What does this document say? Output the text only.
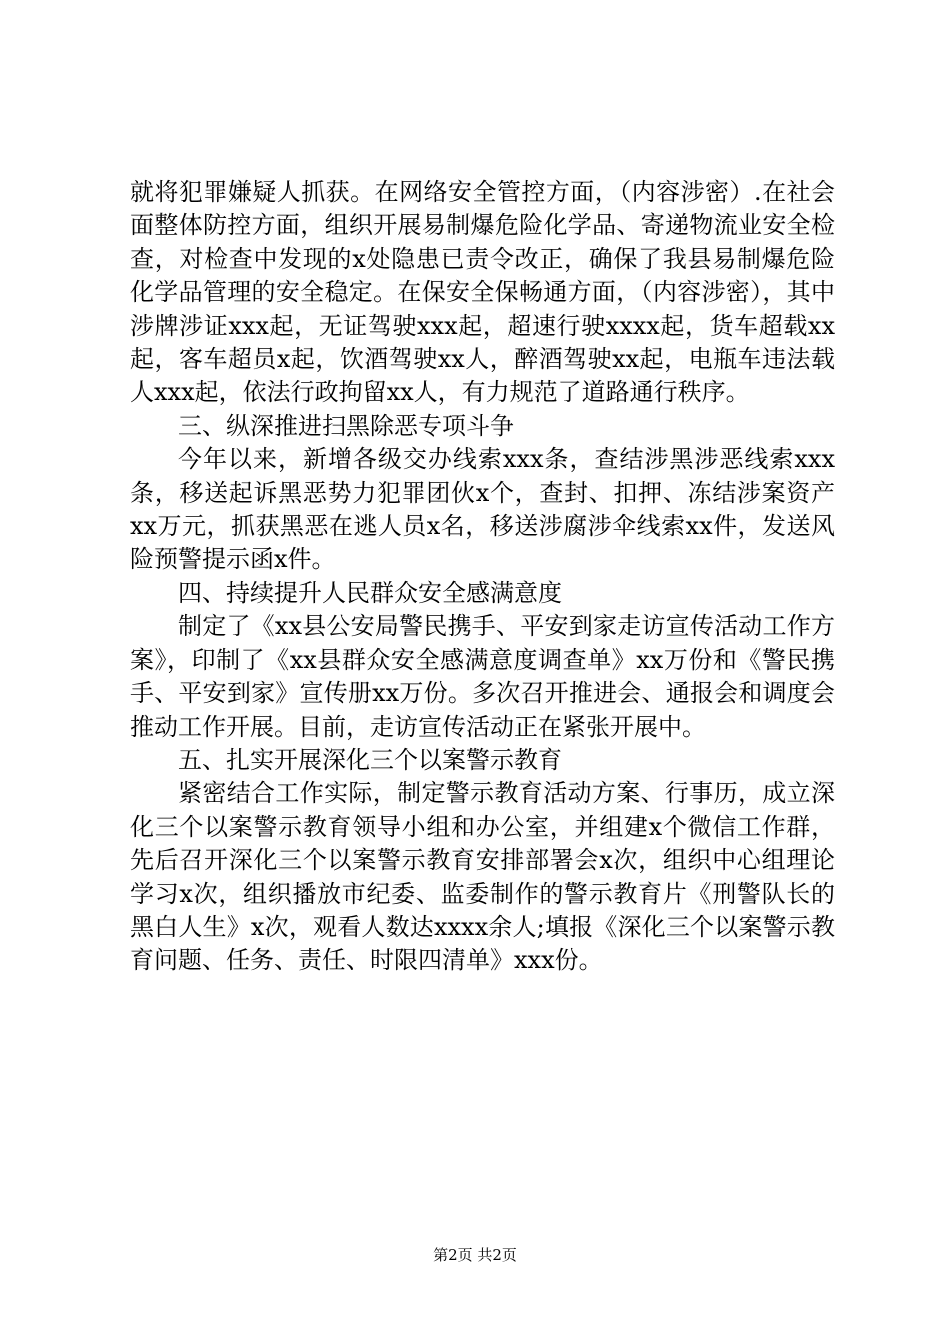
就将犯罪嫌疑人抓获。在网络安全管控方面，（内容涉密）.在社会面整体防控方面，组织开展易制爆危险化学品、寄递物流业安全检查，对检查中发现的x处隐患已责令改正，确保了我县易制爆危险化学品管理的安全稳定。在保安全保畅通方面，（内容涉密），其中涉牌涉证xxx起，无证驾驶xxx起，超速行驶xxxx起，货车超载xx起，客车超员x起，饮酒驾驶xx人，醉酒驾驶xx起，电瓶车违法载人xxx起，依法行政拘留xx人，有力规范了道路通行秩序。

三、纵深推进扫黑除恶专项斗争

今年以来，新增各级交办线索xxx条，查结涉黑涉恶线索xxx条，移送起诉黑恶势力犯罪团伙x个，查封、扣押、冻结涉案资产xx万元，抓获黑恶在逃人员x名，移送涉腐涉伞线索xx件，发送风险预警提示函x件。

四、持续提升人民群众安全感满意度

制定了《xx县公安局警民携手、平安到家走访宣传活动工作方案》，印制了《xx县群众安全感满意度调查单》xx万份和《警民携手、平安到家》宣传册xx万份。多次召开推进会、通报会和调度会推动工作开展。目前，走访宣传活动正在紧张开展中。

五、扎实开展深化三个以案警示教育

紧密结合工作实际，制定警示教育活动方案、行事历，成立深化三个以案警示教育领导小组和办公室，并组建x个微信工作群，先后召开深化三个以案警示教育安排部署会x次，组织中心组理论学习x次，组织播放市纪委、监委制作的警示教育片《刑警队长的黑白人生》x次，观看人数达xxxx余人;填报《深化三个以案警示教育问题、任务、责任、时限四清单》xxx份。

第2页 共2页
